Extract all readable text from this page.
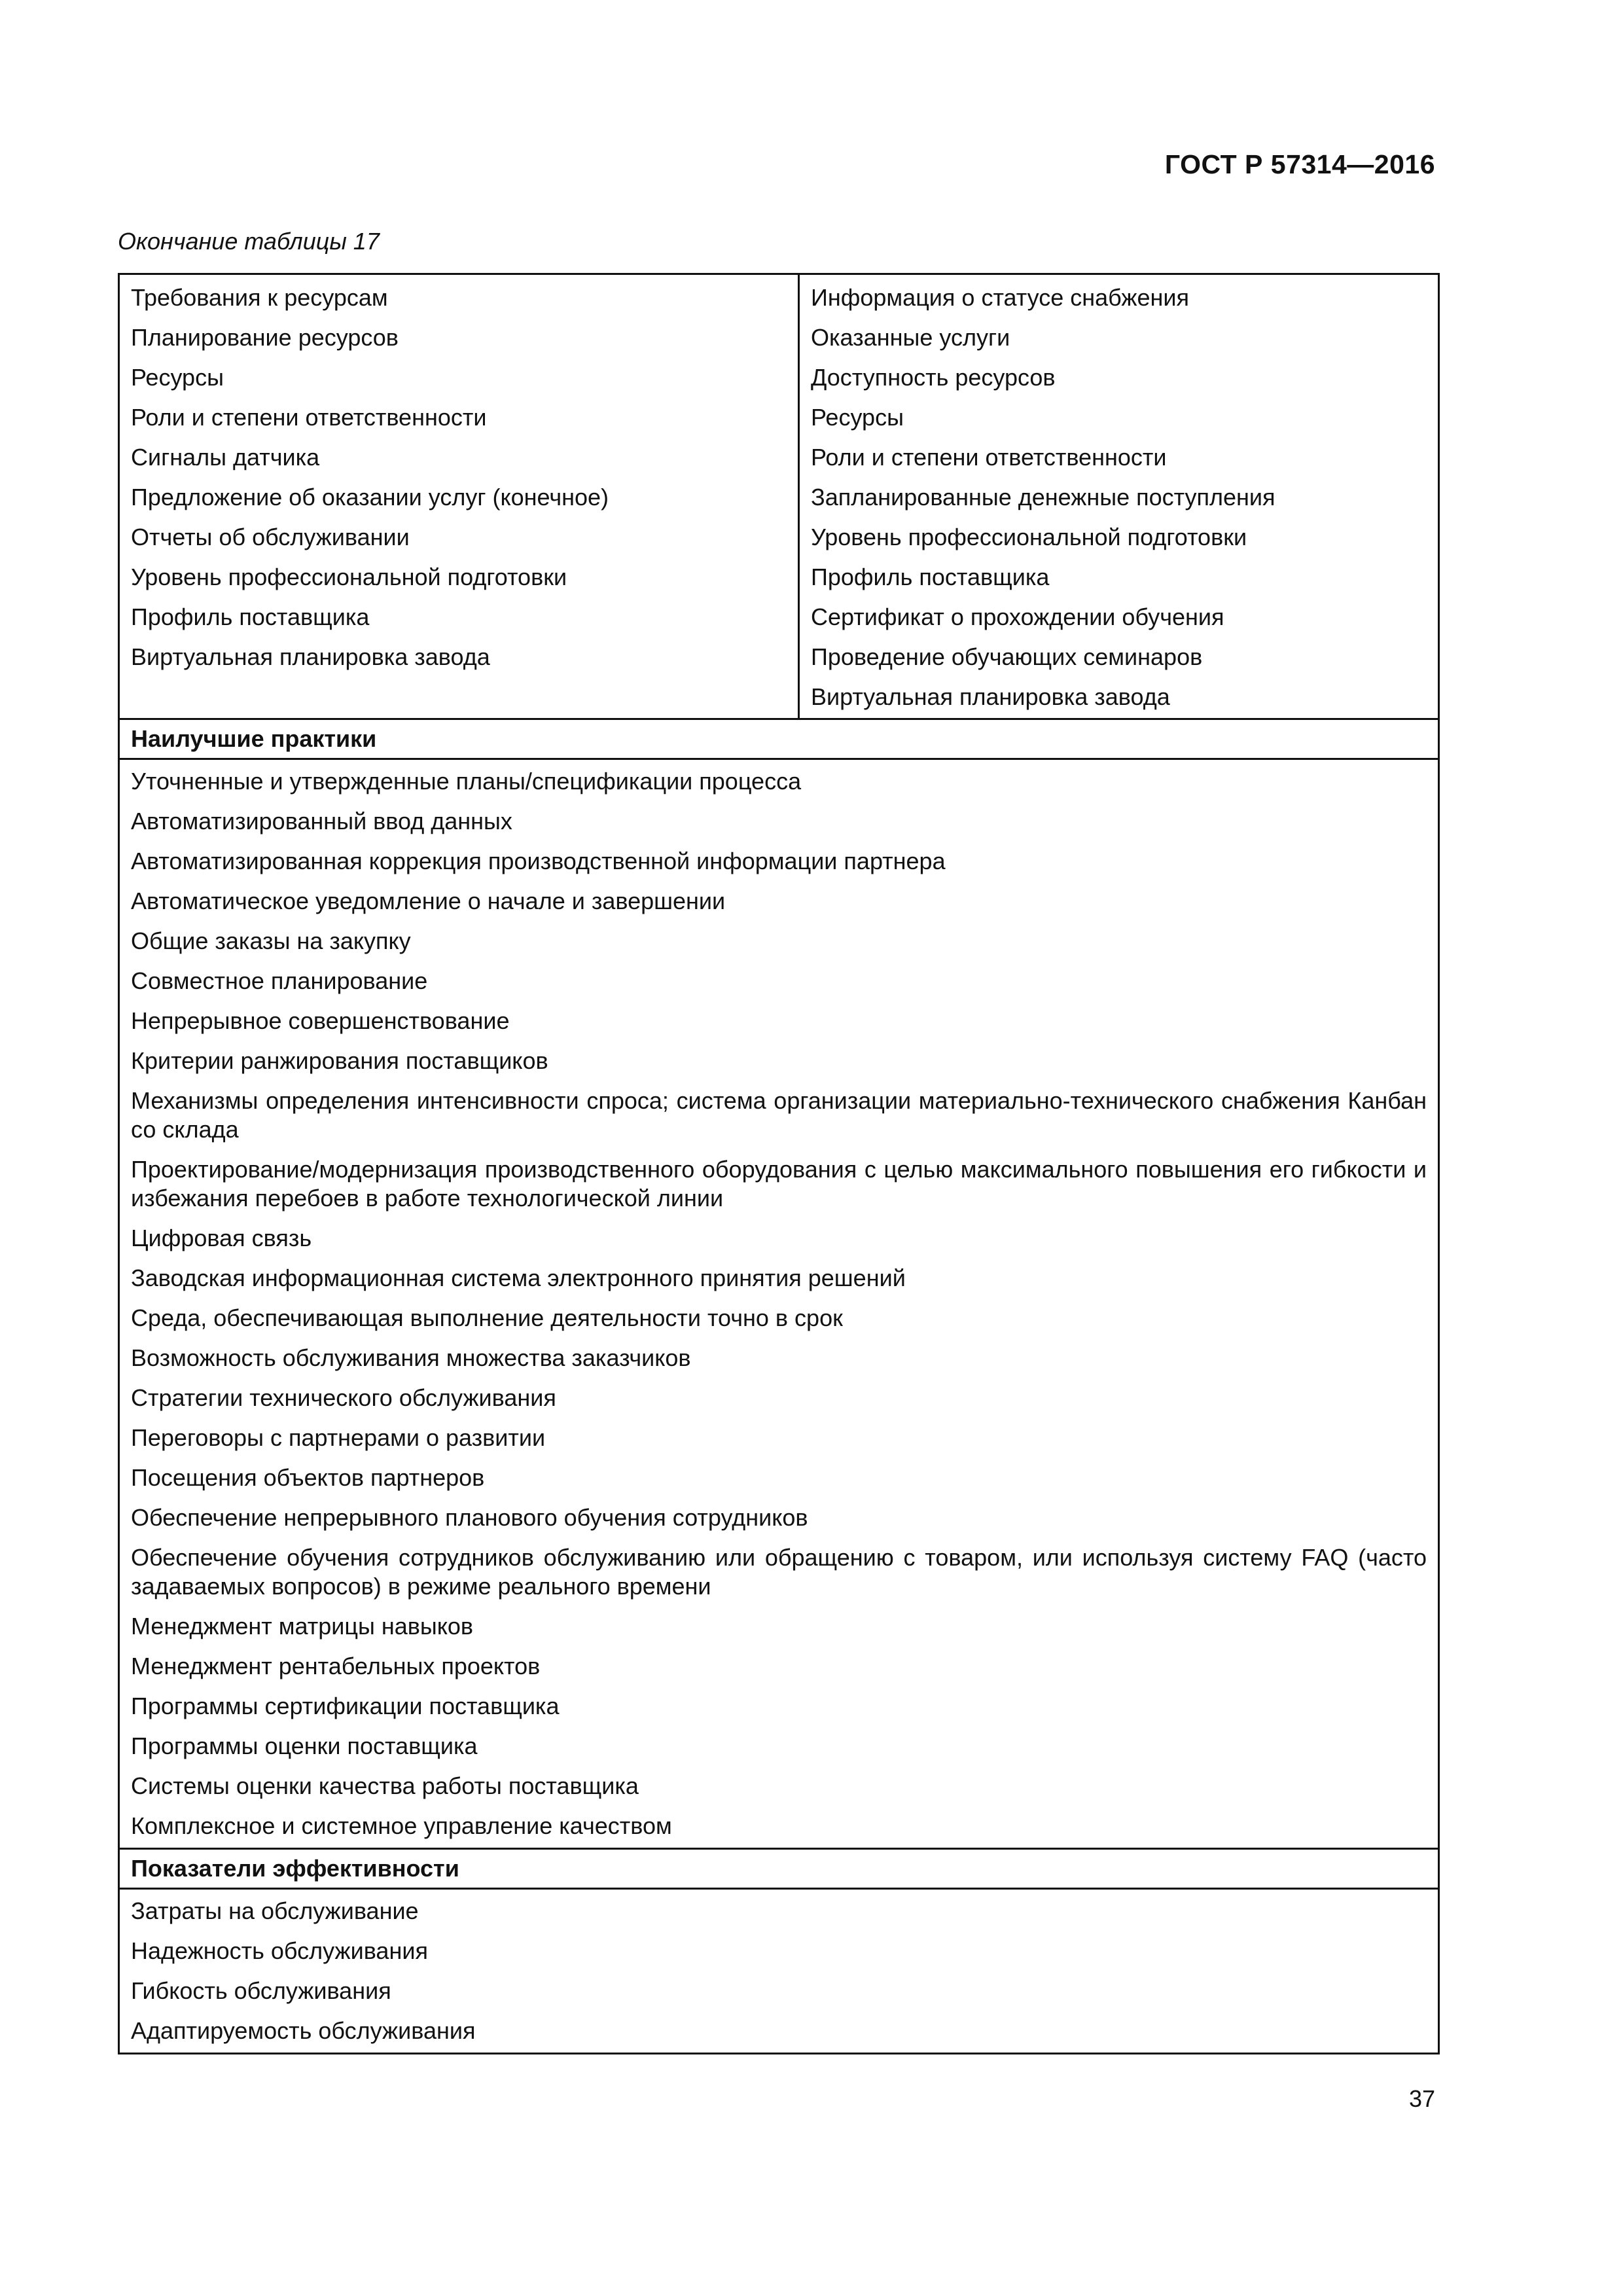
ГОСТ Р 57314—2016
Окончание таблицы 17
Требования к ресурсам
Планирование ресурсов
Ресурсы
Роли и степени ответственности
Сигналы датчика
Предложение об оказании услуг (конечное)
Отчеты об обслуживании
Уровень профессиональной подготовки
Профиль поставщика
Виртуальная планировка завода
Информация о статусе снабжения
Оказанные услуги
Доступность ресурсов
Ресурсы
Роли и степени ответственности
Запланированные денежные поступления
Уровень профессиональной подготовки
Профиль поставщика
Сертификат о прохождении обучения
Проведение обучающих семинаров
Виртуальная планировка завода
Наилучшие практики
Уточненные и утвержденные планы/спецификации процесса
Автоматизированный ввод данных
Автоматизированная коррекция производственной информации партнера
Автоматическое уведомление о начале и завершении
Общие заказы на закупку
Совместное планирование
Непрерывное совершенствование
Критерии ранжирования поставщиков
Механизмы определения интенсивности спроса; система организации материально-технического снабжения Канбан со склада
Проектирование/модернизация производственного оборудования с целью максимального повышения его гибкости и избежания перебоев в работе технологической линии
Цифровая связь
Заводская информационная система электронного принятия решений
Среда, обеспечивающая выполнение деятельности точно в срок
Возможность обслуживания множества заказчиков
Стратегии технического обслуживания
Переговоры с партнерами о развитии
Посещения объектов партнеров
Обеспечение непрерывного планового обучения сотрудников
Обеспечение обучения сотрудников обслуживанию или обращению с товаром, или используя систему FAQ (часто задаваемых вопросов) в режиме реального времени
Менеджмент матрицы навыков
Менеджмент рентабельных проектов
Программы сертификации поставщика
Программы оценки поставщика
Системы оценки качества работы поставщика
Комплексное и системное управление качеством
Показатели эффективности
Затраты на обслуживание
Надежность обслуживания
Гибкость обслуживания
Адаптируемость обслуживания
37
